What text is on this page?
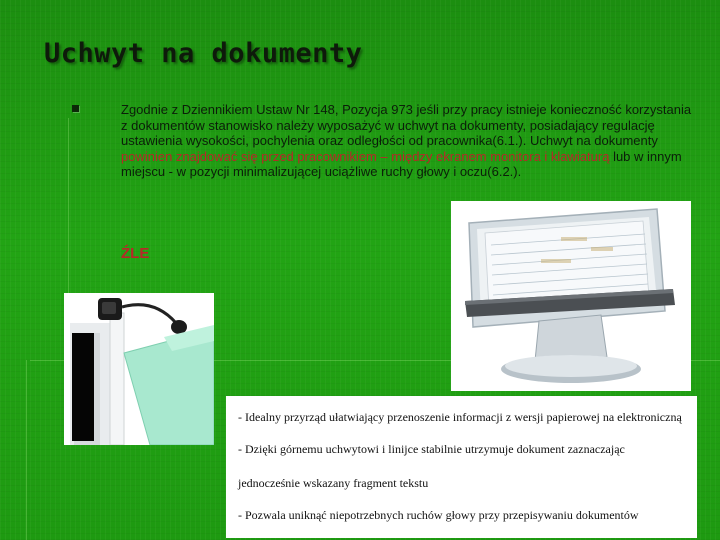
Uchwyt na dokumenty
Zgodnie z Dziennikiem Ustaw Nr 148, Pozycja 973 jeśli przy pracy istnieje konieczność korzystania z dokumentów stanowisko należy wyposażyć w uchwyt na dokumenty, posiadający regulację ustawienia wysokości, pochylenia oraz odległości od pracownika(6.1.). Uchwyt na dokumenty powinien znajdować się przed pracownikiem – między ekranem monitora i klawiaturą lub w innym miejscu - w pozycji minimalizującej uciążliwe ruchy głowy i oczu(6.2.).
ŹLE
- Idealny przyrząd ułatwiający przenoszenie informacji z wersji papierowej na elektroniczną
- Dzięki górnemu uchwytowi i linijce stabilnie utrzymuje dokument zaznaczając
jednocześnie wskazany fragment tekstu
- Pozwala uniknąć niepotrzebnych ruchów głowy przy przepisywaniu dokumentów
